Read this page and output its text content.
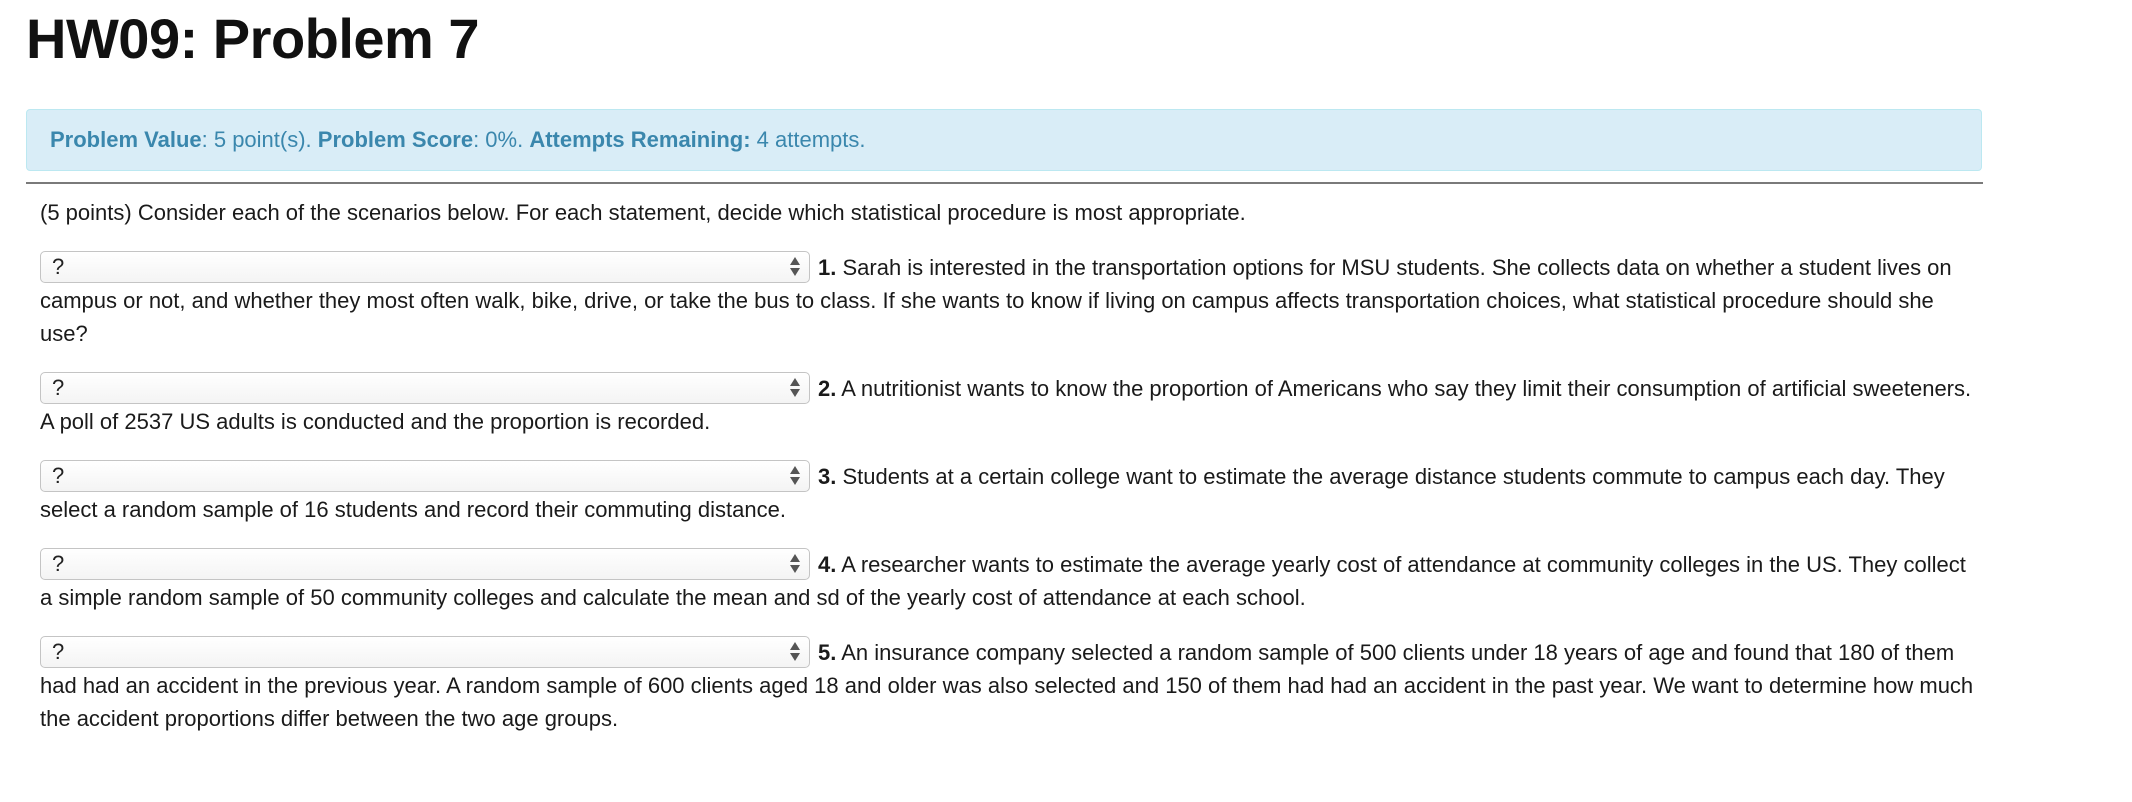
HW09: Problem 7
Problem Value: 5 point(s). Problem Score: 0%. Attempts Remaining: 4 attempts.

(5 points) Consider each of the scenarios below. For each statement, decide which statistical procedure is most appropriate.

?	1. Sarah is interested in the transportation options for MSU students. She collects data on whether a student lives on campus or not, and whether they most often walk, bike, drive, or take the bus to class. If she wants to know if living on campus affects transportation choices, what statistical procedure should she use?

?	2. A nutritionist wants to know the proportion of Americans who say they limit their consumption of artificial sweeteners. A poll of 2537 US adults is conducted and the proportion is recorded.

?	3. Students at a certain college want to estimate the average distance students commute to campus each day. They select a random sample of 16 students and record their commuting distance.

?	4. A researcher wants to estimate the average yearly cost of attendance at community colleges in the US. They collect a simple random sample of 50 community colleges and calculate the mean and sd of the yearly cost of attendance at each school.

?	5. An insurance company selected a random sample of 500 clients under 18 years of age and found that 180 of them had had an accident in the previous year. A random sample of 600 clients aged 18 and older was also selected and 150 of them had had an accident in the past year. We want to determine how much the accident proportions differ between the two age groups.
